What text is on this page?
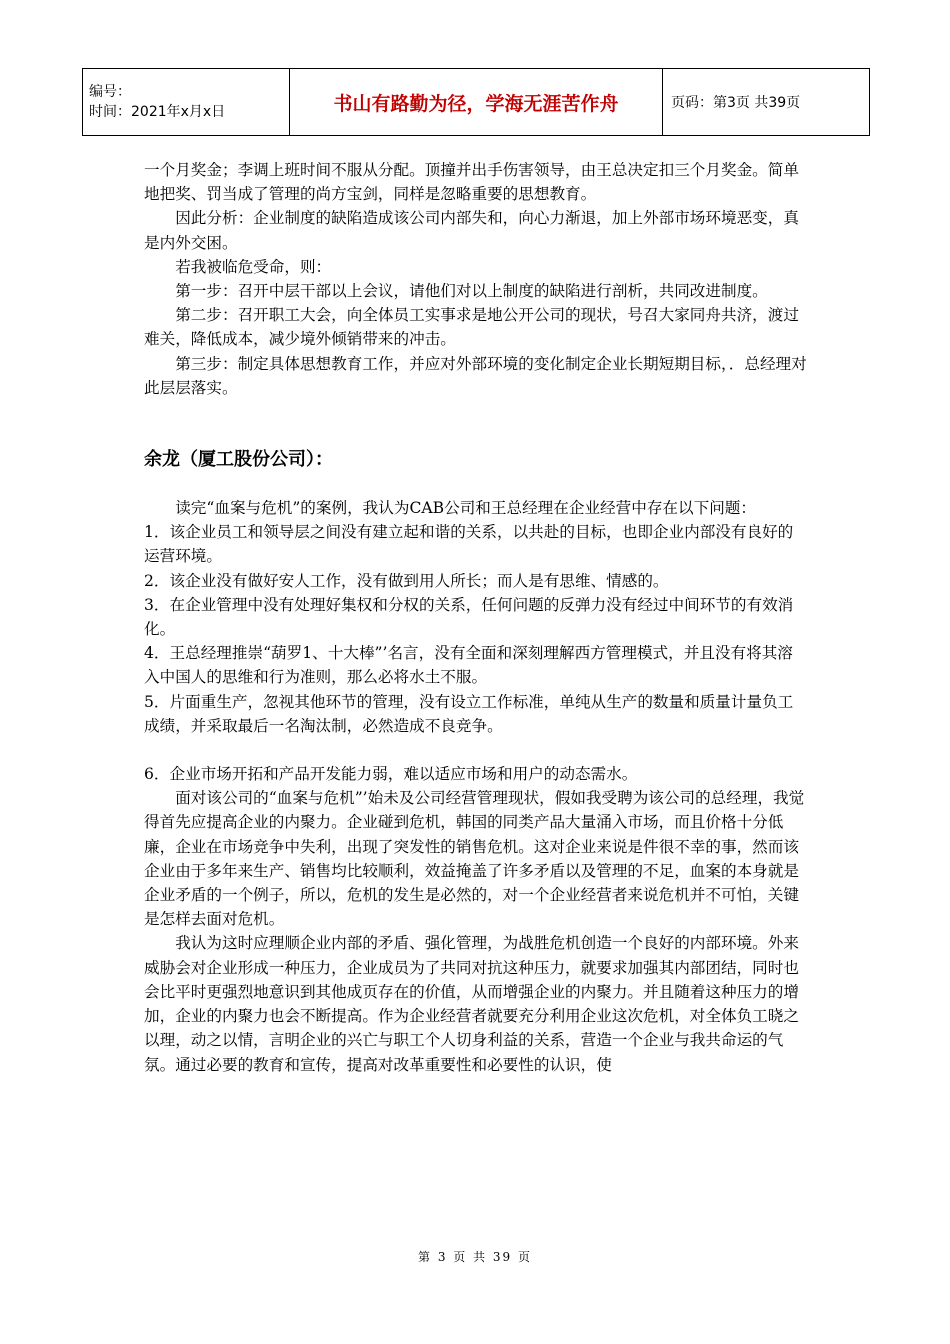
编号：
时间：2021年x月x日	书山有路勤为径，学海无涯苦作舟	页码：第3页 共39页

一个月奖金；李调上班时间不服从分配。顶撞并出手伤害领导，由王总决定扣三个月奖金。简单地把奖、罚当成了管理的尚方宝剑，同样是忽略重要的思想教育。

因此分析：企业制度的缺陷造成该公司内部失和，向心力渐退，加上外部市场环境恶变，真是内外交困。

若我被临危受命，则：

第一步：召开中层干部以上会议，请他们对以上制度的缺陷进行剖析，共同改进制度。

第二步：召开职工大会，向全体员工实事求是地公开公司的现状，号召大家同舟共济，渡过难关，降低成本，减少境外倾销带来的冲击。

第三步：制定具体思想教育工作，并应对外部环境的变化制定企业长期短期目标，．总经理对此层层落实。

余龙（厦工股份公司）：

读完“血案与危机”的案例，我认为CAB公司和王总经理在企业经营中存在以下问题：

1．该企业员工和领导层之间没有建立起和谐的关系，以共赴的目标，也即企业内部没有良好的运营环境。

2．该企业没有做好安人工作，没有做到用人所长；而人是有思维、情感的。

3．在企业管理中没有处理好集权和分权的关系，任何问题的反弹力没有经过中间环节的有效消化。

4．王总经理推崇“葫罗1、十大棒”’名言，没有全面和深刻理解西方管理模式，并且没有将其溶入中国人的思维和行为准则，那么必将水土不服。

5．片面重生产，忽视其他环节的管理，没有设立工作标准，单纯从生产的数量和质量计量负工成绩，并采取最后一名淘汰制，必然造成不良竞争。

6．企业市场开拓和产品开发能力弱，难以适应市场和用户的动态需水。

面对该公司的“血案与危机”’始未及公司经营管理现状，假如我受聘为该公司的总经理，我觉得首先应提高企业的内聚力。企业碰到危机，韩国的同类产品大量涌入市场，而且价格十分低廉，企业在市场竞争中失利，出现了突发性的销售危机。这对企业来说是件很不幸的事，然而该企业由于多年来生产、销售均比较顺利，效益掩盖了许多矛盾以及管理的不足，血案的本身就是企业矛盾的一个例子，所以，危机的发生是必然的，对一个企业经营者来说危机并不可怕，关键是怎样去面对危机。

我认为这时应理顺企业内部的矛盾、强化管理，为战胜危机创造一个良好的内部环境。外来威胁会对企业形成一种压力，企业成员为了共同对抗这种压力，就要求加强其内部团结，同时也会比平时更强烈地意识到其他成页存在的价值，从而增强企业的内聚力。并且随着这种压力的增加，企业的内聚力也会不断提高。作为企业经营者就要充分利用企业这次危机，对全体负工晓之以理，动之以情，言明企业的兴亡与职工个人切身利益的关系，营造一个企业与我共命运的气氛。通过必要的教育和宣传，提高对改革重要性和必要性的认识，使

第 3 页 共 39 页
